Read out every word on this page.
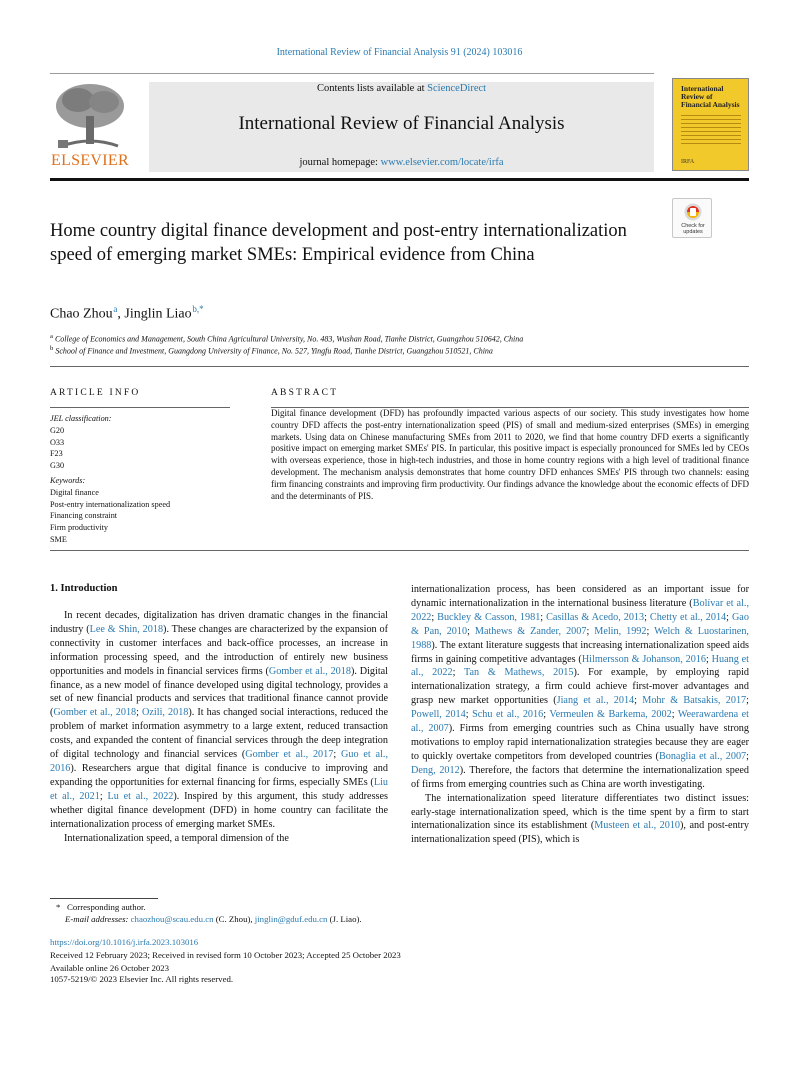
International Review of Financial Analysis 91 (2024) 103016
ELSEVIER
Contents lists available at ScienceDirect
International Review of Financial Analysis
journal homepage: www.elsevier.com/locate/irfa
International Review of Financial Analysis
IRFA
Check for
updates
Home country digital finance development and post-entry internationalization speed of emerging market SMEs: Empirical evidence from China
Chao Zhou $^a$, Jinglin Liao $^{b,*}$
$^a$ College of Economics and Management, South China Agricultural University, No. 483, Wushan Road, Tianhe District, Guangzhou 510642, China
$^b$ School of Finance and Investment, Guangdong University of Finance, No. 527, Yingfu Road, Tianhe District, Guangzhou 510521, China
ARTICLE INFO
JEL classification:
G20
O33
F23
G30
Keywords:
Digital finance
Post-entry internationalization speed
Financing constraint
Firm productivity
SME
ABSTRACT
Digital finance development (DFD) has profoundly impacted various aspects of our society. This study investigates how home country DFD affects the post-entry internationalization speed (PIS) of small and medium-sized enterprises (SMEs) in emerging markets. Using data on Chinese manufacturing SMEs from 2011 to 2020, we find that home country DFD exerts a significantly positive impact on emerging market SMEs' PIS. In particular, this positive impact is especially pronounced for SMEs led by CEOs with overseas experience, those in high-tech industries, and those in home country regions with a high level of traditional finance development. The mechanism analysis demonstrates that home country DFD enhances SMEs' PIS through two channels: easing firm financing constraints and improving firm productivity. Our findings advance the knowledge about the economic effects of DFD and the determinants of PIS.
1. Introduction

In recent decades, digitalization has driven dramatic changes in the financial industry (Lee & Shin, 2018). These changes are characterized by the expansion of connectivity in customer interfaces and back-office processes, an increase in information processing speed, and the introduction of entirely new business opportunities and models in financial services firms (Gomber et al., 2018). Digital finance, as a new model of finance developed using digital technology, provides a set of new financial products and services that traditional finance cannot provide (Gomber et al., 2018; Ozili, 2018). It has changed social interactions, reduced the problem of market information asymmetry to a large extent, reduced transaction costs, and expanded the content of financial services through the deep integration of digital technology and financial services (Gomber et al., 2017; Guo et al., 2016). Researchers argue that digital finance is conducive to improving and expanding the opportunities for external financing for firms, especially SMEs (Liu et al., 2021; Lu et al., 2022). Inspired by this argument, this study addresses whether digital finance development (DFD) in home country can facilitate the internationalization process of emerging market SMEs.

Internationalization speed, a temporal dimension of the

internationalization process, has been considered as an important issue for dynamic internationalization in the international business literature (Bolívar et al., 2022; Buckley & Casson, 1981; Casillas & Acedo, 2013; Chetty et al., 2014; Gao & Pan, 2010; Mathews & Zander, 2007; Melin, 1992; Welch & Luostarinen, 1988). The extant literature suggests that increasing internationalization speed aids firms in gaining competitive advantages (Hilmersson & Johanson, 2016; Huang et al., 2022; Tan & Mathews, 2015). For example, by employing rapid internationalization strategy, a firm could achieve first-mover advantages and grasp new market opportunities (Jiang et al., 2014; Mohr & Batsakis, 2017; Powell, 2014; Schu et al., 2016; Vermeulen & Barkema, 2002; Weerawardena et al., 2007). Firms from emerging countries such as China usually have strong motivations to employ rapid internationalization strategies because they are eager to quickly overtake competitors from developed countries (Bonaglia et al., 2007; Deng, 2012). Therefore, the factors that determine the internationalization speed of firms from emerging countries such as China are worth investigating.

The internationalization speed literature differentiates two distinct issues: early-stage internationalization speed, which is the time spent by a firm to start internationalization since its establishment (Musteen et al., 2010), and post-entry internationalization speed (PIS), which is

* Corresponding author.
E-mail addresses: chaozhou@scau.edu.cn (C. Zhou), jinglin@gduf.edu.cn (J. Liao).
https://doi.org/10.1016/j.irfa.2023.103016
Received 12 February 2023; Received in revised form 10 October 2023; Accepted 25 October 2023
Available online 26 October 2023
1057-5219/© 2023 Elsevier Inc. All rights reserved.
